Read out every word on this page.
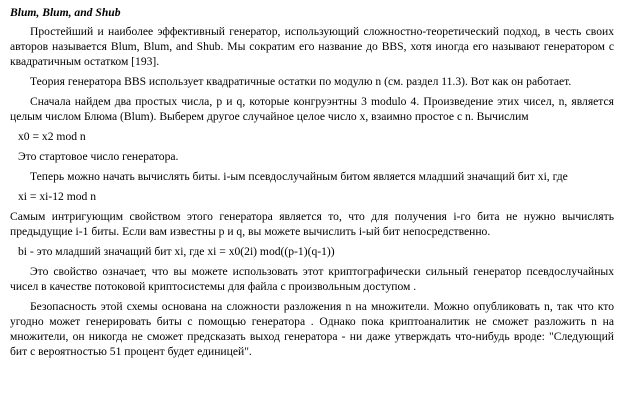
Blum, Blum, and Shub

Простейший и наиболее эффективный генератор, использующий сложностно-теоретический подход, в честь своих авторов называется Blum, Blum, and Shub. Мы сократим его название до BBS, хотя иногда его называют генератором с квадратичным остатком [193].

Теория генератора BBS использует квадратичные остатки по модулю n (см. раздел 11.3). Вот как он работает.

Сначала найдем два простых числа, p и q, которые конгруэнтны 3 modulo 4. Произведение этих чисел, n, является целым числом Блюма (Blum). Выберем другое случайное целое число x, взаимно простое с n. Вычислим

x0 = x2 mod n

Это стартовое число генератора.

Теперь можно начать вычислять биты. i-ым псевдослучайным битом является младший значащий бит xi, где

xi = xi-12 mod n

Самым интригующим свойством этого генератора является то, что для получения i-го бита не нужно вычислять предыдущие i-1 биты. Если вам известны p и q, вы можете вычислить i-ый бит непосредственно.

bi - это младший значащий бит xi, где xi = x0(2i) mod((p-1)(q-1))

Это свойство означает, что вы можете использовать этот криптографически сильный генератор псевдослучайных чисел в качестве потоковой криптосистемы для файла с произвольным доступом .

Безопасность этой схемы основана на сложности разложения n на множители. Можно опубликовать n, так что кто угодно может генерировать биты с помощью генератора . Однако пока криптоаналитик не сможет разложить n на множители, он никогда не сможет предсказать выход генератора - ни даже утверждать что-нибудь вроде: "Следующий бит с вероятностью 51 процент будет единицей".
